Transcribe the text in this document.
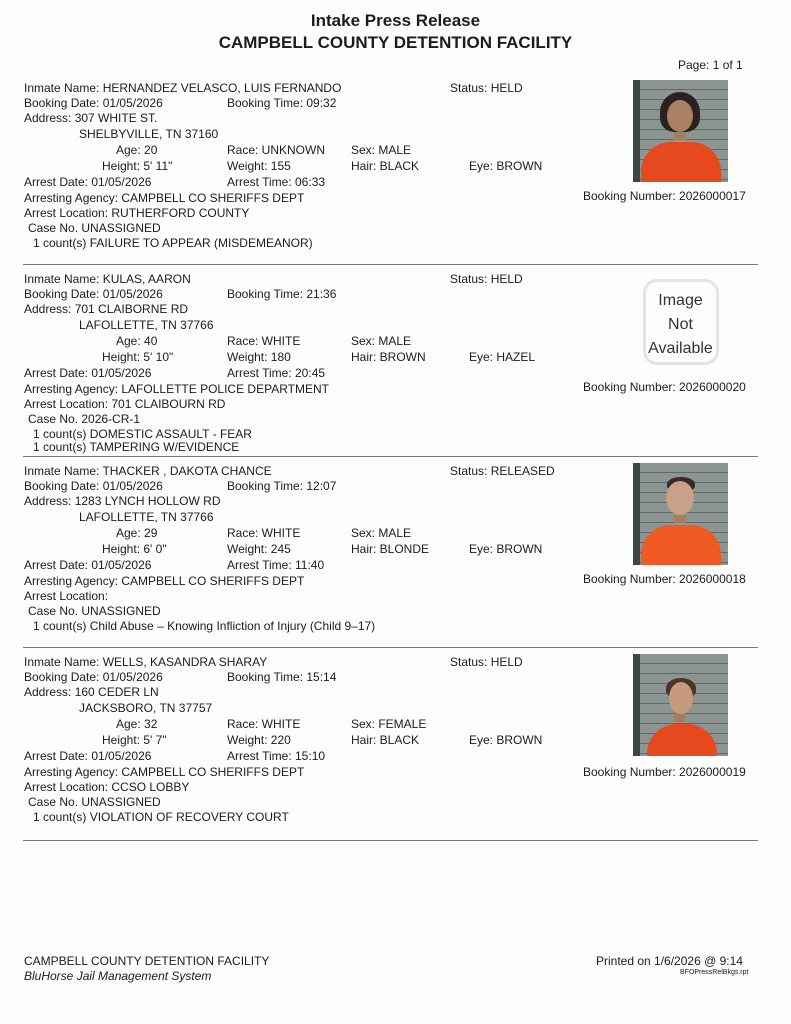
Intake Press Release
CAMPBELL COUNTY DETENTION FACILITY
Page: 1 of 1
Inmate Name: HERNANDEZ VELASCO, LUIS FERNANDO	Status: HELD
Booking Date: 01/05/2026	Booking Time: 09:32
Address: 307 WHITE ST.
SHELBYVILLE, TN 37160
Age: 20	Race: UNKNOWN Sex: MALE
Height: 5' 11"	Weight: 155	Hair: BLACK	Eye: BROWN
Arrest Date: 01/05/2026	Arrest Time: 06:33
Arresting Agency: CAMPBELL CO SHERIFFS DEPT
Arrest Location: RUTHERFORD COUNTY
Case No. UNASSIGNED
1 count(s) FAILURE TO APPEAR (MISDEMEANOR)
Booking Number: 2026000017
Inmate Name: KULAS, AARON	Status: HELD
Booking Date: 01/05/2026	Booking Time: 21:36
Address: 701 CLAIBORNE RD
LAFOLLETTE, TN 37766
Age: 40	Race: WHITE	Sex: MALE
Height: 5' 10"	Weight: 180	Hair: BROWN	Eye: HAZEL
Arrest Date: 01/05/2026	Arrest Time: 20:45
Arresting Agency: LAFOLLETTE POLICE DEPARTMENT
Arrest Location: 701 CLAIBOURN RD
Case No. 2026-CR-1
1 count(s) DOMESTIC ASSAULT - FEAR
1 count(s) TAMPERING W/EVIDENCE
Booking Number: 2026000020
Image
Not
Available
Inmate Name: THACKER , DAKOTA CHANCE	Status: RELEASED
Booking Date: 01/05/2026	Booking Time: 12:07
Address: 1283 LYNCH HOLLOW RD
LAFOLLETTE, TN 37766
Age: 29	Race: WHITE	Sex: MALE
Height: 6' 0"	Weight: 245	Hair: BLONDE	Eye: BROWN
Arrest Date: 01/05/2026	Arrest Time: 11:40
Arresting Agency: CAMPBELL CO SHERIFFS DEPT
Arrest Location:
Case No. UNASSIGNED
1 count(s) Child Abuse – Knowing Infliction of Injury (Child 9–17)
Booking Number: 2026000018
Inmate Name: WELLS, KASANDRA SHARAY	Status: HELD
Booking Date: 01/05/2026	Booking Time: 15:14
Address: 160 CEDER LN
JACKSBORO, TN 37757
Age: 32	Race: WHITE	Sex: FEMALE
Height: 5' 7"	Weight: 220	Hair: BLACK	Eye: BROWN
Arrest Date: 01/05/2026	Arrest Time: 15:10
Arresting Agency: CAMPBELL CO SHERIFFS DEPT
Arrest Location: CCSO LOBBY
Case No. UNASSIGNED
1 count(s) VIOLATION OF RECOVERY COURT
Booking Number: 2026000019
CAMPBELL COUNTY DETENTION FACILITY
BluHorse Jail Management System
Printed on 1/6/2026 @ 9:14
BFOPressRelBkgs.rpt
